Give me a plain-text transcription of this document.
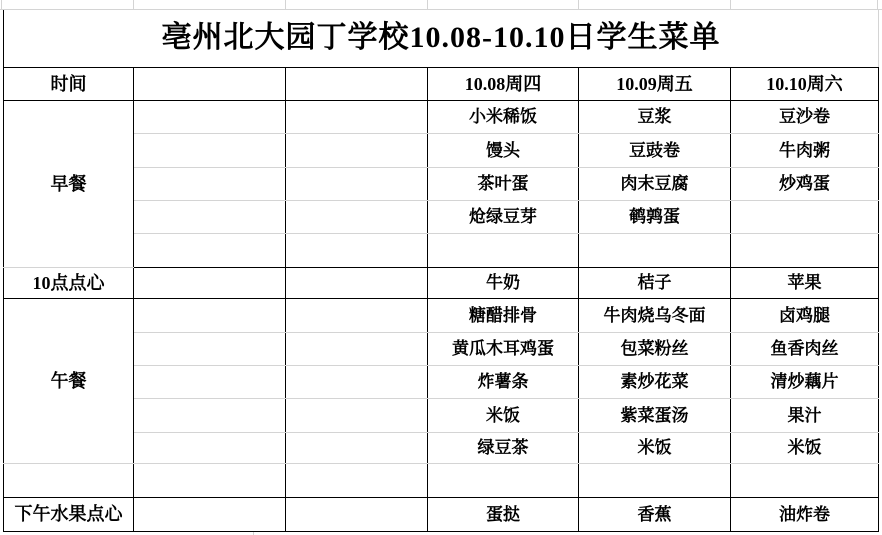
亳州北大园丁学校10.08-10.10日学生菜单					
时间			10.08周四	10.09周五	10.10周六
早餐			小米稀饭	豆浆	豆沙卷
			馒头	豆豉卷	牛肉粥
			茶叶蛋	肉末豆腐	炒鸡蛋
			炝绿豆芽	鹌鹑蛋	

10点点心			牛奶	桔子	苹果
午餐			糖醋排骨	牛肉烧乌冬面	卤鸡腿
			黄瓜木耳鸡蛋	包菜粉丝	鱼香肉丝
			炸薯条	素炒花菜	清炒藕片
			米饭	紫菜蛋汤	果汁
			绿豆茶	米饭	米饭

下午水果点心			蛋挞	香蕉	油炸卷
